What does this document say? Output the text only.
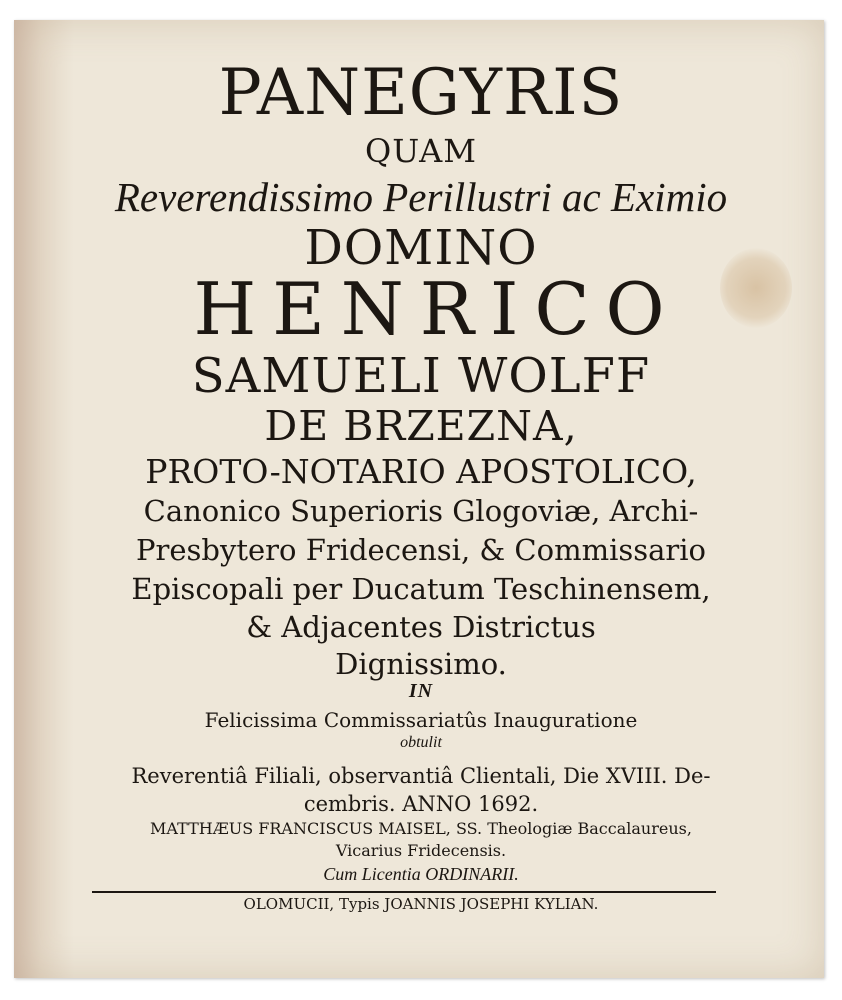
PANEGYRIS

QUAM

Reverendissimo Perillustri ac Eximio

DOMINO

HENRICO

SAMUELI WOLFF

DE BRZEZNA,

PROTO-NOTARIO APOSTOLICO,

Canonico Superioris Glogoviæ, Archi-

Presbytero Fridecensi, & Commissario

Episcopali per Ducatum Teschinensem,

& Adjacentes Districtus

Dignissimo.

IN

Felicissima Commissariatûs Inauguratione

obtulit

Reverentiâ Filiali, observantiâ Clientali, Die XVIII. De-

cembris. ANNO 1692.

MATTHÆUS FRANCISCUS MAISEL, SS. Theologiæ Baccalaureus,

Vicarius Fridecensis.

Cum Licentia ORDINARII.

OLOMUCII, Typis JOANNIS JOSEPHI KYLIAN.
